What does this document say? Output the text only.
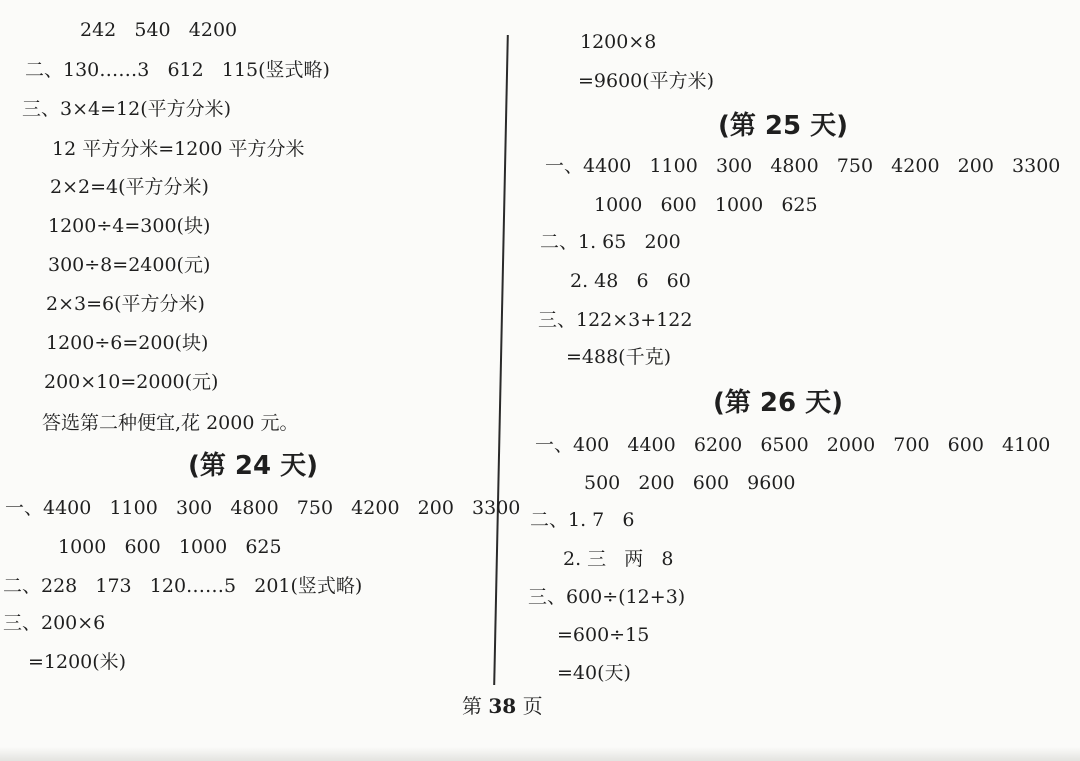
242   540   4200
二、130……3   612   115(竖式略)
三、3×4=12(平方分米)
12 平方分米=1200 平方分米
2×2=4(平方分米)
1200÷4=300(块)
300÷8=2400(元)
2×3=6(平方分米)
1200÷6=200(块)
200×10=2000(元)
答选第二种便宜,花 2000 元。
(第 24 天)
一、4400   1100   300   4800   750   4200   200   3300
1000   600   1000   625
二、228   173   120……5   201(竖式略)
三、200×6
=1200(米)
1200×8
=9600(平方米)
(第 25 天)
一、4400   1100   300   4800   750   4200   200   3300
1000   600   1000   625
二、1. 65   200
2. 48   6   60
三、122×3+122
=488(千克)
(第 26 天)
一、400   4400   6200   6500   2000   700   600   4100
500   200   600   9600
二、1. 7   6
2. 三   两   8
三、600÷(12+3)
=600÷15
=40(天)
第 38 页
